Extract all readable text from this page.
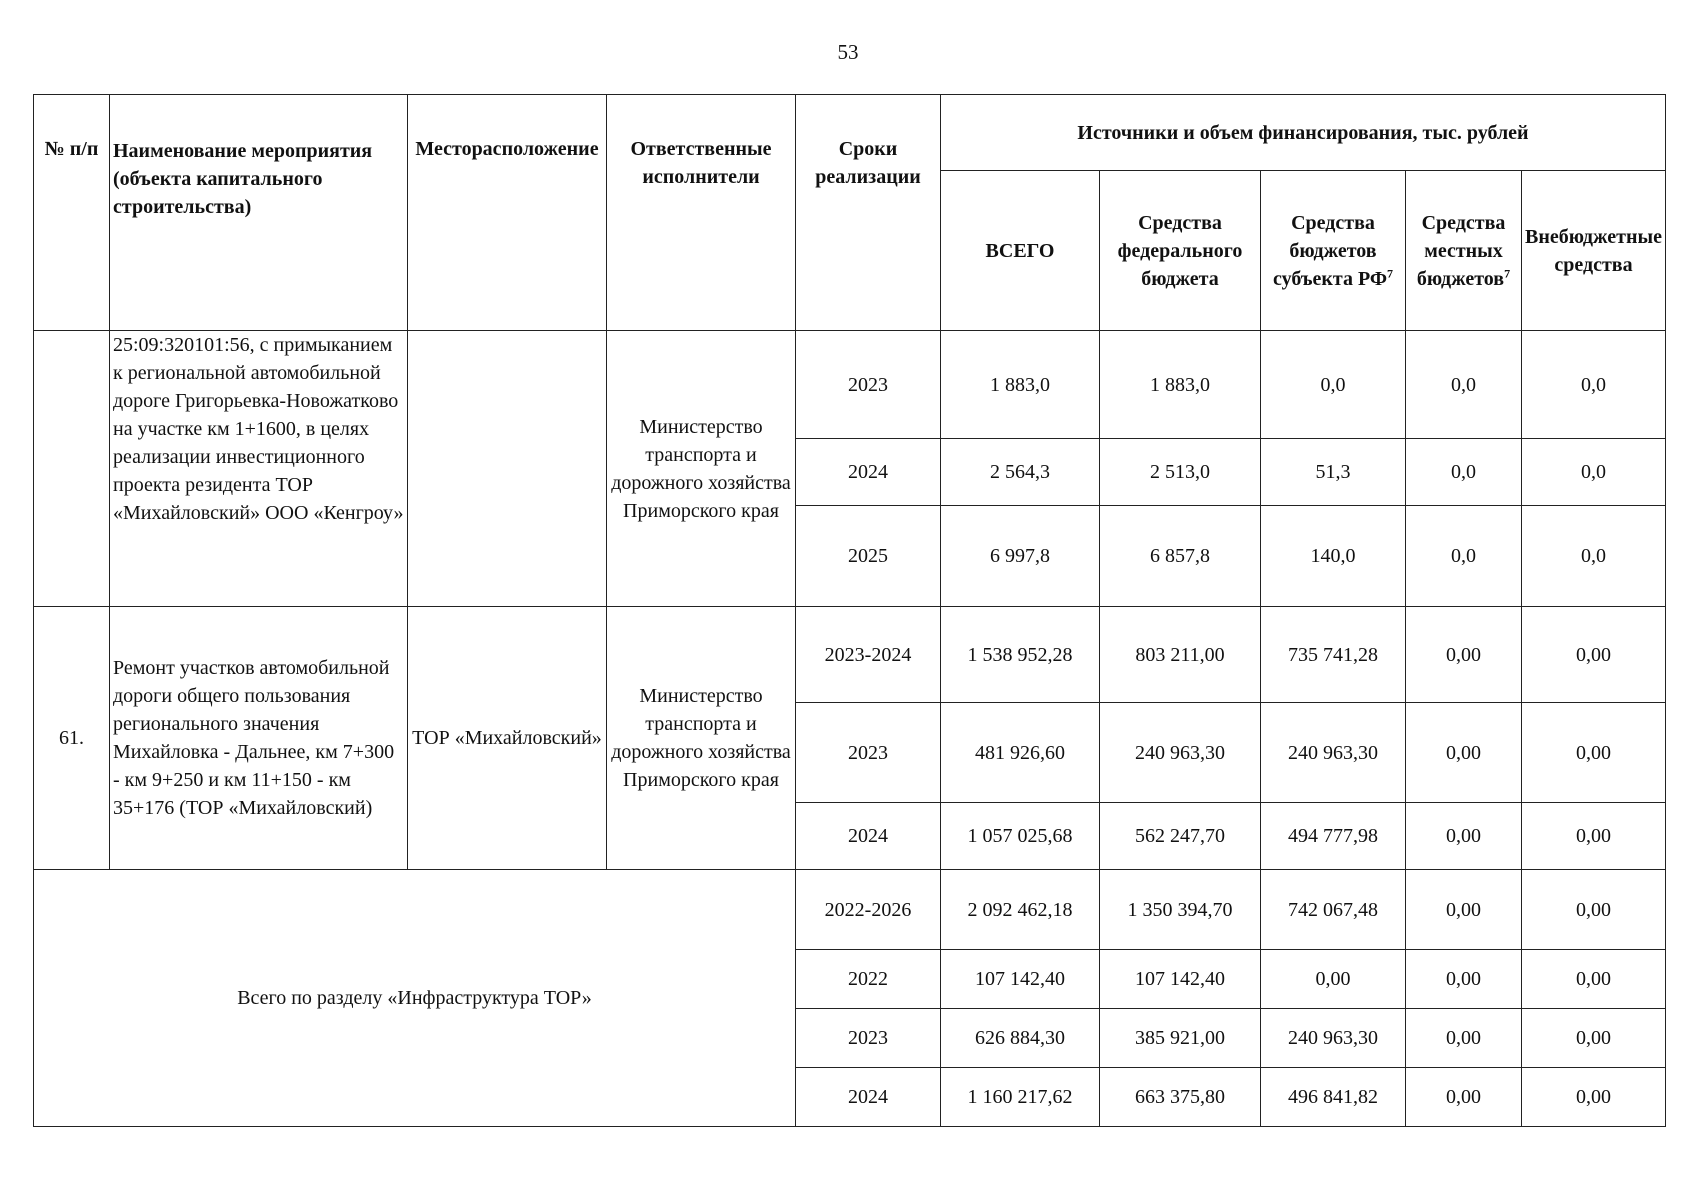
53
№ п/п	Наименование мероприятия (объекта капитального строительства)	Месторасположение	Ответственные исполнители	Сроки реализации	Источники и объем финансирования, тыс. рублей				
					ВСЕГО	Средства федерального бюджета	Средства бюджетов субъекта $РФ^7$	Средства местных бюджетов$^7$	Внебюджетные средства
	25:09:320101:56, с примыканием к региональной автомобильной дороге Григорьевка-Новожатково на участке км 1+1600, в целях реализации инвестиционного проекта резидента ТОР «Михайловский» ООО «Кенгроу»		Министерство транспорта и дорожного хозяйства Приморского края	2023	1 883,0	1 883,0	0,0	0,0	0,0
				2024	2 564,3	2 513,0	51,3	0,0	0,0
				2025	6 997,8	6 857,8	140,0	0,0	0,0
61.	Ремонт участков автомобильной дороги общего пользования регионального значения Михайловка - Дальнее, км 7+300 - км 9+250 и км 11+150 - км 35+176 (ТОР «Михайловский)	ТОР «Михайловский»	Министерство транспорта и дорожного хозяйства Приморского края	2023-2024	1 538 952,28	803 211,00	735 741,28	0,00	0,00
				2023	481 926,60	240 963,30	240 963,30	0,00	0,00
				2024	1 057 025,68	562 247,70	494 777,98	0,00	0,00
Всего по разделу «Инфраструктура ТОР»				2022-2026	2 092 462,18	1 350 394,70	742 067,48	0,00	0,00
				2022	107 142,40	107 142,40	0,00	0,00	0,00
				2023	626 884,30	385 921,00	240 963,30	0,00	0,00
				2024	1 160 217,62	663 375,80	496 841,82	0,00	0,00
